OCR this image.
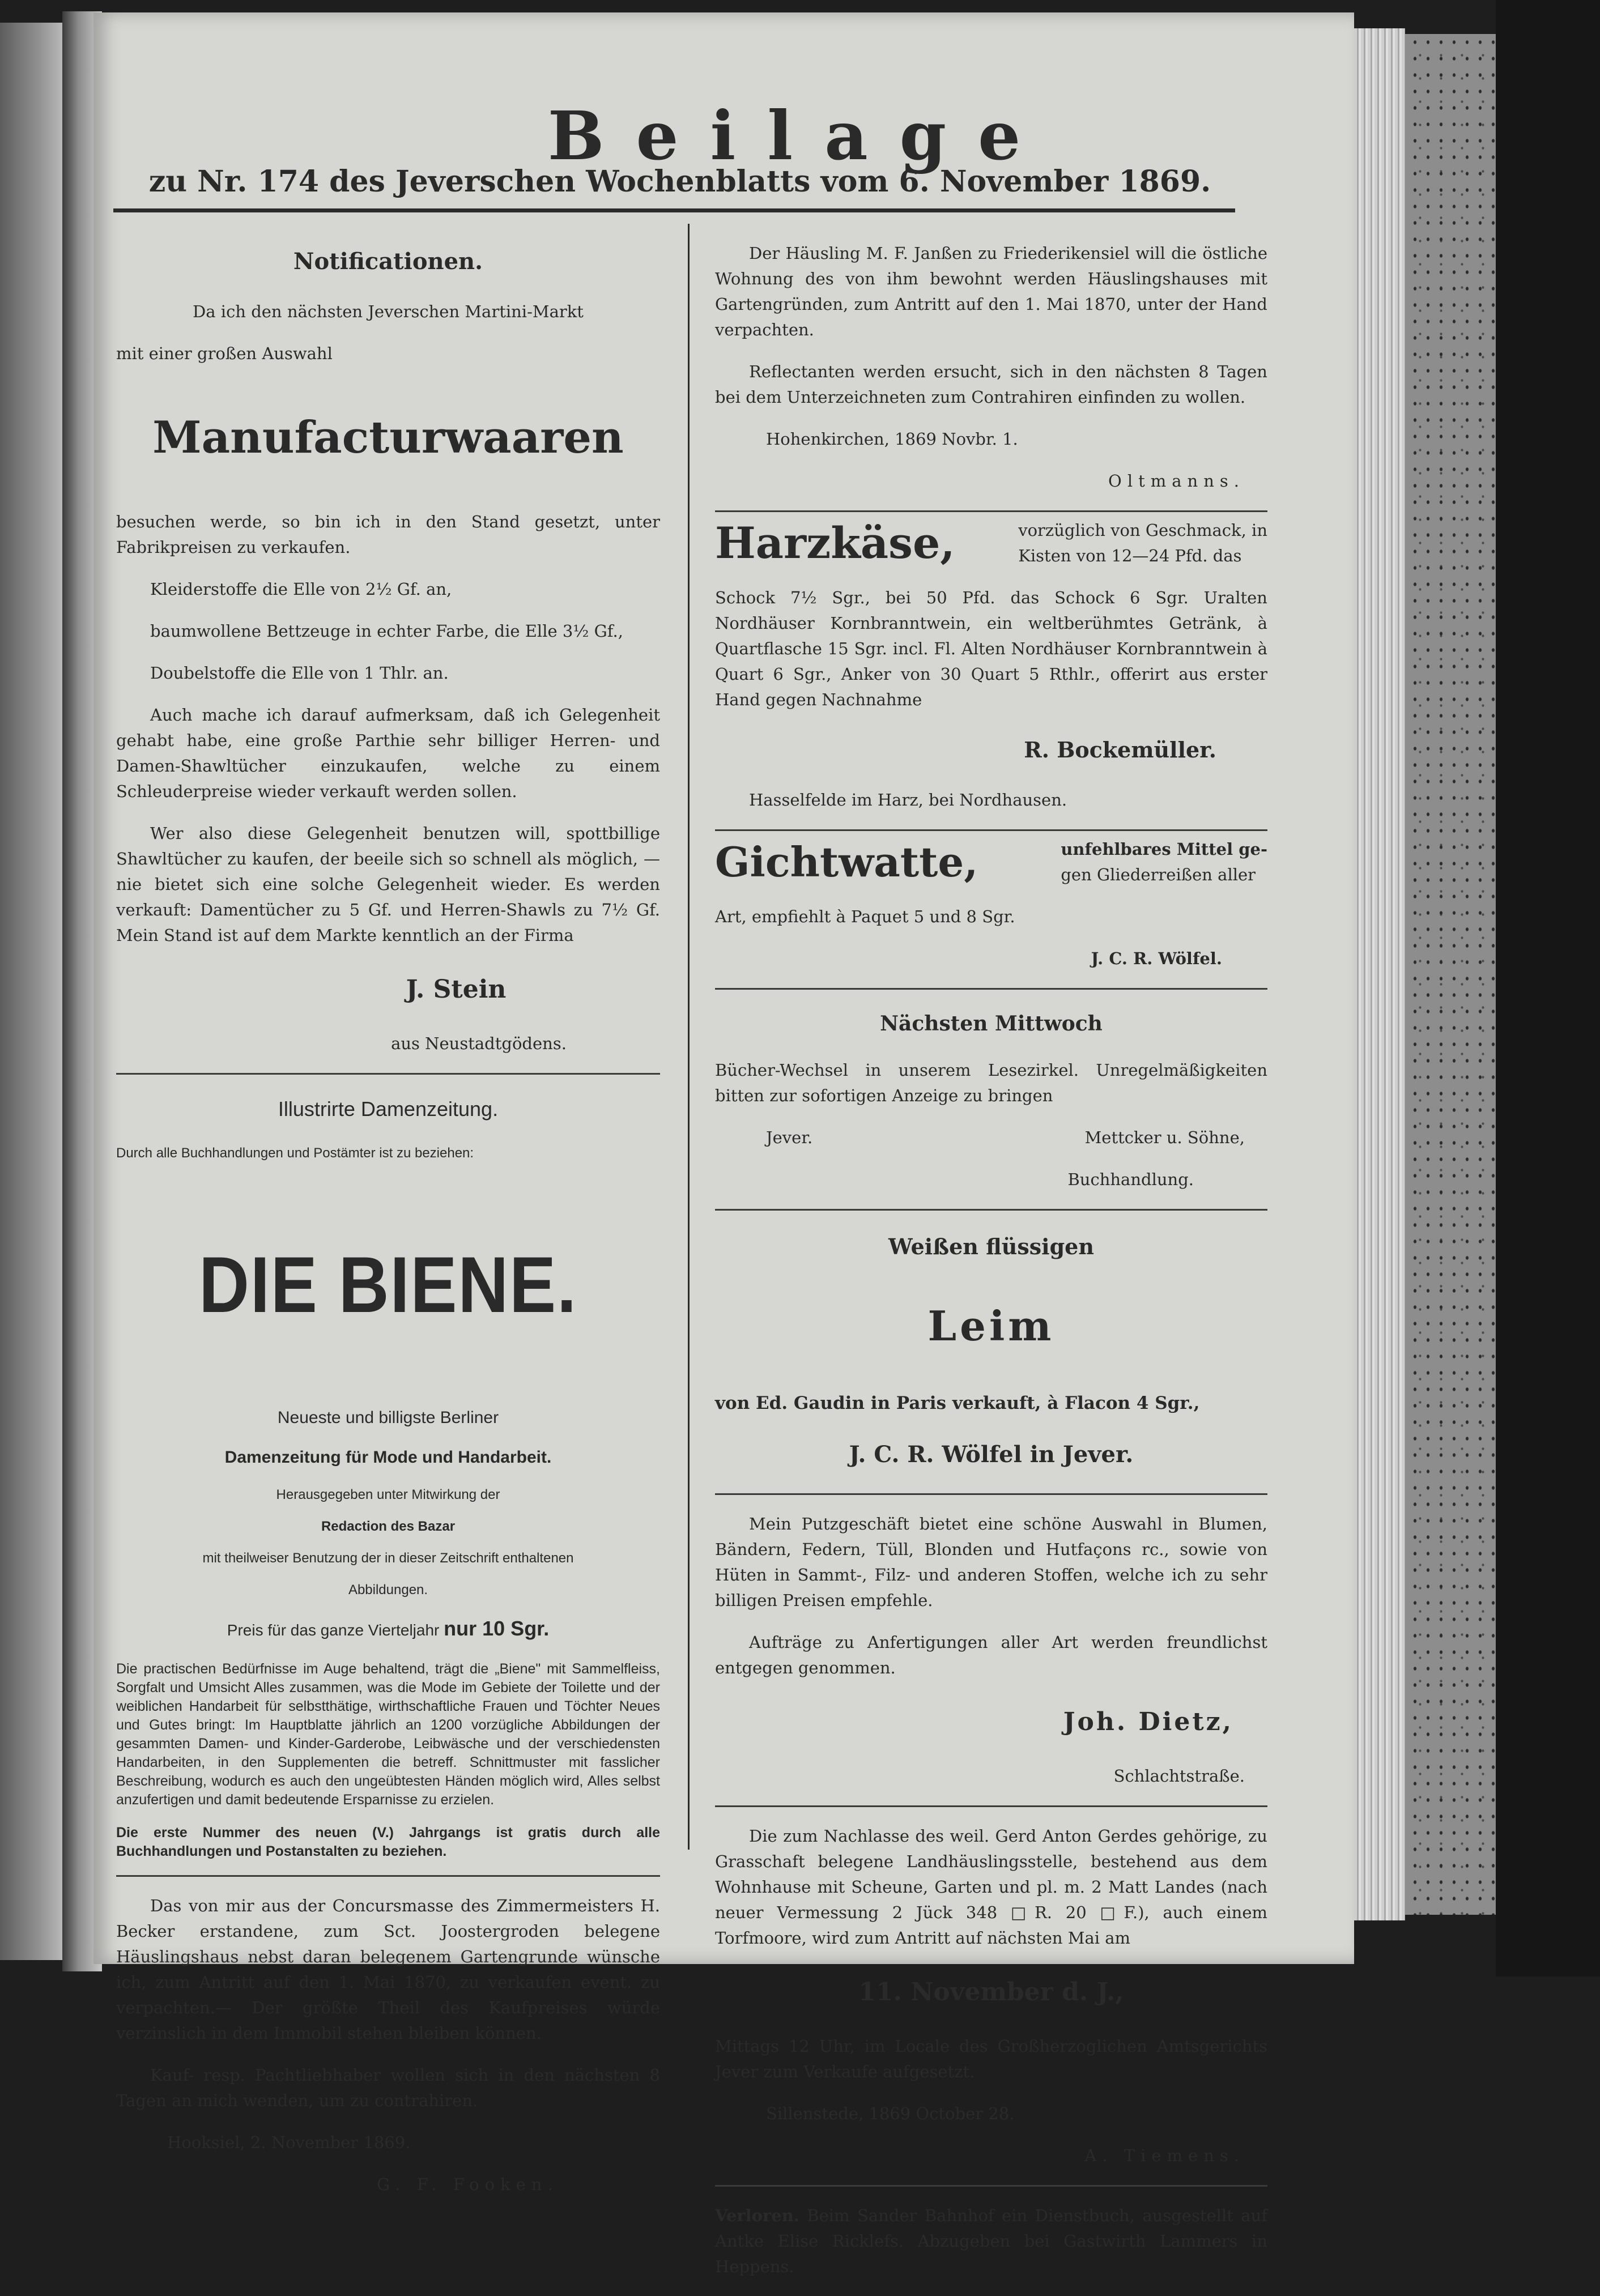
Beilage
zu Nr. 174 des Jeverschen Wochenblatts vom 6. November 1869.

Notificationen.

Da ich den nächsten Jeverschen Martini-Markt

mit einer großen Auswahl

Manufacturwaaren

besuchen werde, so bin ich in den Stand gesetzt, unter Fabrikpreisen zu verkaufen.

Kleiderstoffe die Elle von 2½ Gf. an,

baumwollene Bettzeuge in echter Farbe, die Elle 3½ Gf.,

Doubelstoffe die Elle von 1 Thlr. an.

Auch mache ich darauf aufmerksam, daß ich Gelegenheit gehabt habe, eine große Parthie sehr billiger Herren- und Damen-Shawltücher einzukaufen, welche zu einem Schleuderpreise wieder verkauft werden sollen.

Wer also diese Gelegenheit benutzen will, spottbillige Shawltücher zu kaufen, der beeile sich so schnell als möglich, — nie bietet sich eine solche Gelegenheit wieder. Es werden verkauft: Damentücher zu 5 Gf. und Herren-Shawls zu 7½ Gf. Mein Stand ist auf dem Markte kenntlich an der Firma

J. Stein

aus Neustadtgödens.

Illustrirte Damenzeitung.

Durch alle Buchhandlungen und Postämter ist zu beziehen:

DIE BIENE.

Neueste und billigste Berliner

Damenzeitung für Mode und Handarbeit.

Herausgegeben unter Mitwirkung der

Redaction des Bazar

mit theilweiser Benutzung der in dieser Zeitschrift enthaltenen

Abbildungen.

Preis für das ganze Vierteljahr nur 10 Sgr.

Die practischen Bedürfnisse im Auge behaltend, trägt die „Biene" mit Sammelfleiss, Sorgfalt und Umsicht Alles zusammen, was die Mode im Gebiete der Toilette und der weiblichen Handarbeit für selbstthätige, wirthschaftliche Frauen und Töchter Neues und Gutes bringt: Im Hauptblatte jährlich an 1200 vorzügliche Abbildungen der gesammten Damen- und Kinder-Garderobe, Leibwäsche und der verschiedensten Handarbeiten, in den Supplementen die betreff. Schnittmuster mit fasslicher Beschreibung, wodurch es auch den ungeübtesten Händen möglich wird, Alles selbst anzufertigen und damit bedeutende Ersparnisse zu erzielen.

Die erste Nummer des neuen (V.) Jahrgangs ist gratis durch alle Buchhandlungen und Postanstalten zu beziehen.

Das von mir aus der Concursmasse des Zimmermeisters H. Becker erstandene, zum Sct. Joostergroden belegene Häuslingshaus nebst daran belegenem Gartengrunde wünsche ich, zum Antritt auf den 1. Mai 1870, zu verkaufen event. zu verpachten.— Der größte Theil des Kaufpreises würde verzinslich in dem Immobil stehen bleiben können.

Kauf- resp. Pachtliebhaber wollen sich in den nächsten 8 Tagen an mich wenden, um zu contrahiren.

Hooksiel, 2. November 1869.

G. F. Fooken.

Der Häusling M. F. Janßen zu Friederikensiel will die östliche Wohnung des von ihm bewohnt werden Häuslingshauses mit Gartengründen, zum Antritt auf den 1. Mai 1870, unter der Hand verpachten.

Reflectanten werden ersucht, sich in den nächsten 8 Tagen bei dem Unterzeichneten zum Contrahiren einfinden zu wollen.

Hohenkirchen, 1869 Novbr. 1.

Oltmanns.

Harzkäse,	vorzüglich von Geschmack, in
Kisten von 12—24 Pfd. das

Schock 7½ Sgr., bei 50 Pfd. das Schock 6 Sgr. Uralten Nordhäuser Kornbranntwein, ein weltberühmtes Getränk, à Quartflasche 15 Sgr. incl. Fl. Alten Nordhäuser Kornbranntwein à Quart 6 Sgr., Anker von 30 Quart 5 Rthlr., offerirt aus erster Hand gegen Nachnahme

R. Bockemüller.

Hasselfelde im Harz, bei Nordhausen.

Gichtwatte,	unfehlbares Mittel ge-
gen Gliederreißen aller

Art, empfiehlt à Paquet 5 und 8 Sgr.

J. C. R. Wölfel.

Nächsten Mittwoch

Bücher-Wechsel in unserem Lesezirkel. Unregelmäßigkeiten bitten zur sofortigen Anzeige zu bringen

Jever.	Mettcker u. Söhne,

Buchhandlung.

Weißen flüssigen

Leim

von Ed. Gaudin in Paris verkauft, à Flacon 4 Sgr.,

J. C. R. Wölfel in Jever.

Mein Putzgeschäft bietet eine schöne Auswahl in Blumen, Bändern, Federn, Tüll, Blonden und Hutfaçons rc., sowie von Hüten in Sammt-, Filz- und anderen Stoffen, welche ich zu sehr billigen Preisen empfehle.

Aufträge zu Anfertigungen aller Art werden freundlichst entgegen genommen.

Joh. Dietz,

Schlachtstraße.

Die zum Nachlasse des weil. Gerd Anton Gerdes gehörige, zu Grasschaft belegene Landhäuslingsstelle, bestehend aus dem Wohnhause mit Scheune, Garten und pl. m. 2 Matt Landes (nach neuer Vermessung 2 Jück 348 □R. 20 □F.), auch einem Torfmoore, wird zum Antritt auf nächsten Mai am

11. November d. J.,

Mittags 12 Uhr, im Locale des Großherzoglichen Amtsgerichts Jever zum Verkaufe aufgesetzt.

Sillenstede, 1869 October 28.

A. Tiemens.

Verloren. Beim Sander Bahnhof ein Dienstbuch, ausgestellt auf Antke Elise Ricklefs. Abzugeben bei Gastwirth Lammers in Heppens.
